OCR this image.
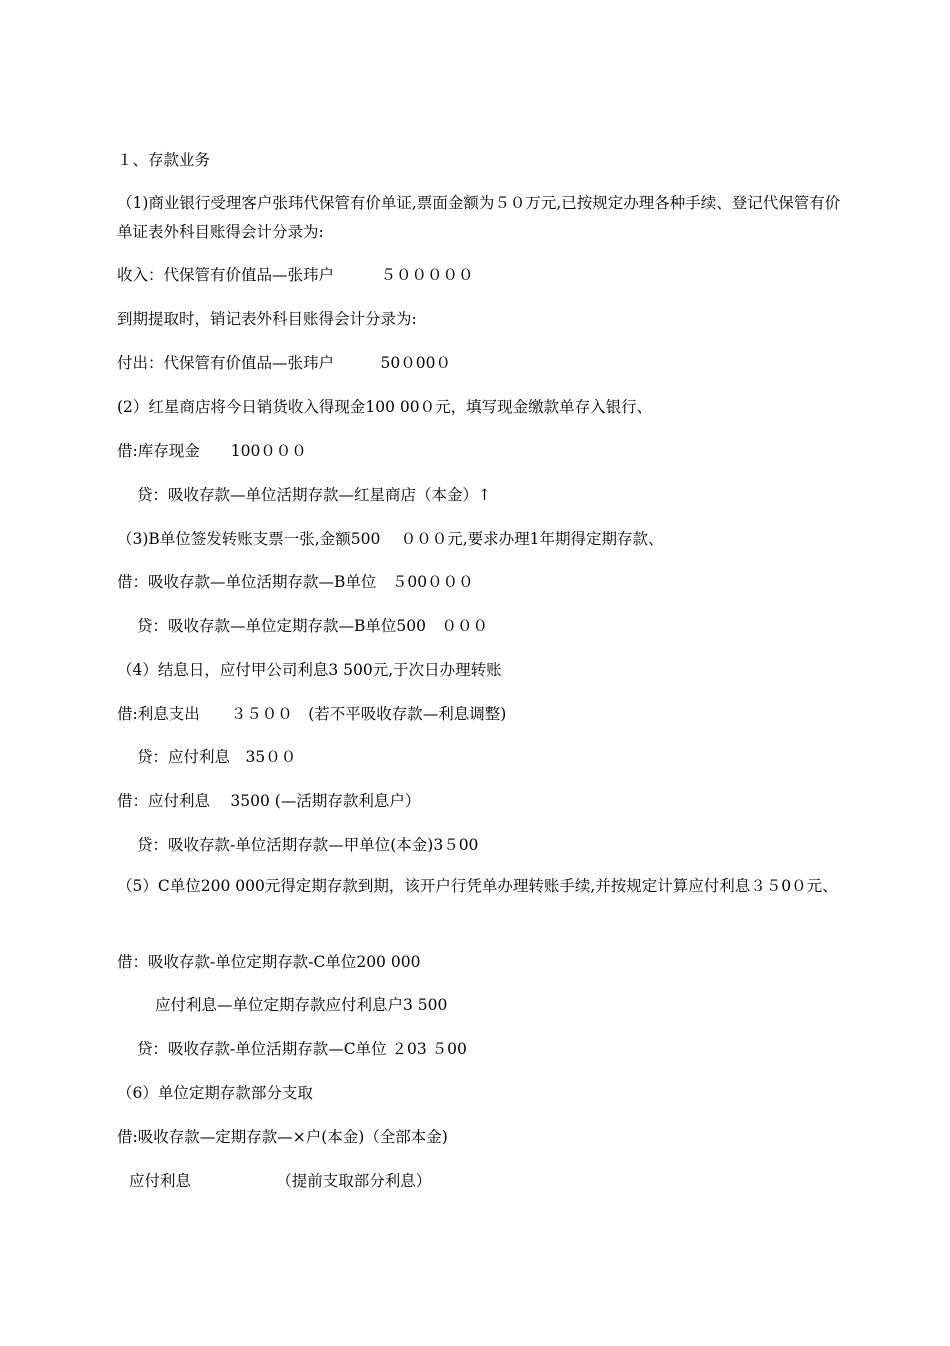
１、存款业务
（1)商业银行受理客户张玮代保管有价单证,票面金额为５０万元,已按规定办理各种手续、登记代保管有价单证表外科目账得会计分录为:
收入：代保管有价值品—张玮户　　　５０００００
到期提取时，销记表外科目账得会计分录为:
付出：代保管有价值品—张玮户　　　50０00０
(2）红星商店将今日销货收入得现金100 00０元，填写现金缴款单存入银行、
借:库存现金　　100０００
贷：吸收存款—单位活期存款—红星商店（本金）↑
（3)B单位签发转账支票一张,金额500　 ０００元,要求办理1年期得定期存款、
借：吸收存款—单位活期存款—B单位　５00０００
贷：吸收存款—单位定期存款—B单位500　０００
（4）结息日，应付甲公司利息3 500元,于次日办理转账
借:利息支出　　３５００　(若不平吸收存款—利息调整)
贷：应付利息　35００
借：应付利息　 3500 (—活期存款利息户）
贷：吸收存款-单位活期存款—甲单位(本金)3５00
（5）C单位200 000元得定期存款到期，该开户行凭单办理转账手续,并按规定计算应付利息３５0０元、
借：吸收存款-单位定期存款-C单位200 000
应付利息—单位定期存款应付利息户3 500
贷：吸收存款-单位活期存款—C单位 ２03 ５00
（6）单位定期存款部分支取
借:吸收存款—定期存款—×户(本金)（全部本金)
应付利息　　　　　　（提前支取部分利息）
